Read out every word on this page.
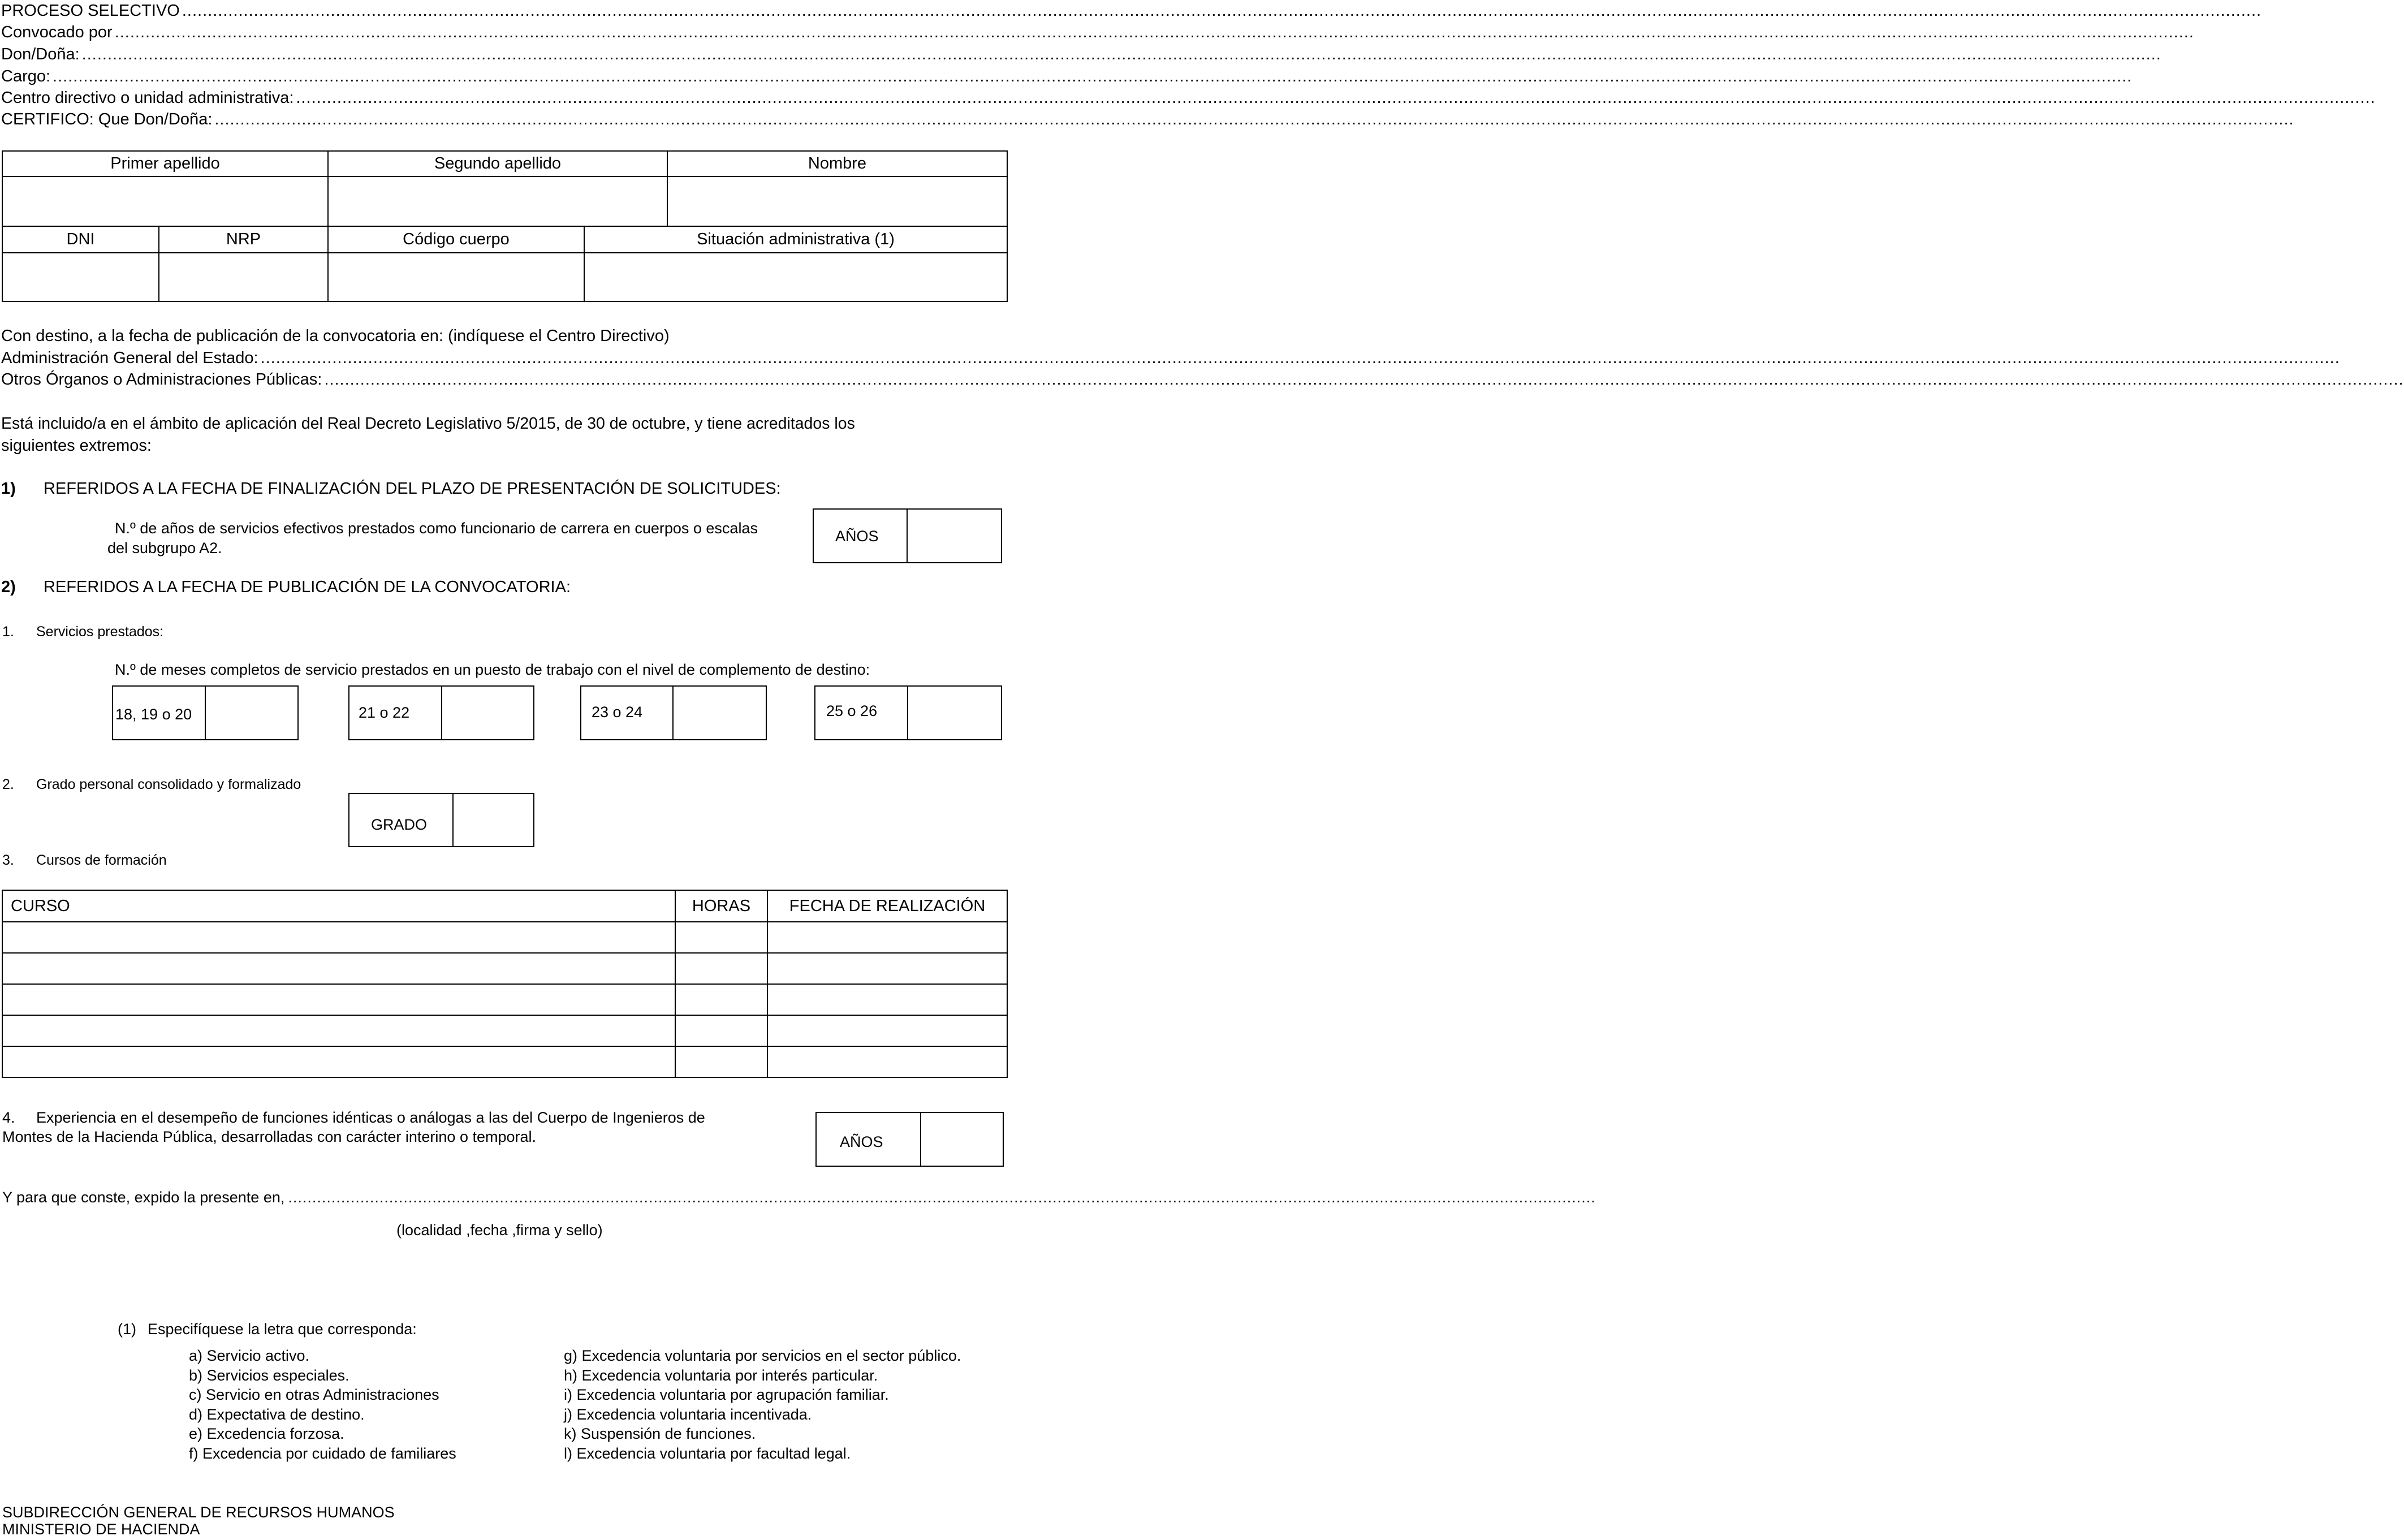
PROCESO SELECTIVO
.....
Convocado por
.....
Don/Doña:
.....
Cargo:
.....
Centro directivo o unidad administrativa:
.....
CERTIFICO: Que Don/Doña:
.....
Primer apellido	Segundo apellido	Nombre

DNI	NRP	Código cuerpo	Situación administrativa (1)

Con destino, a la fecha de publicación de la convocatoria en: (indíquese el Centro Directivo)
Administración General del Estado:
.....
Otros Órganos o Administraciones Públicas:
.....
Está incluido/a en el ámbito de aplicación del Real Decreto Legislativo 5/2015, de 30 de octubre, y tiene acreditados los
siguientes extremos:
1) REFERIDOS A LA FECHA DE FINALIZACIÓN DEL PLAZO DE PRESENTACIÓN DE SOLICITUDES:
N.º de años de servicios efectivos prestados como funcionario de carrera en cuerpos o escalas
del subgrupo A2.
AÑOS
2) REFERIDOS A LA FECHA DE PUBLICACIÓN DE LA CONVOCATORIA:
1. Servicios prestados:
N.º de meses completos de servicio prestados en un puesto de trabajo con el nivel de complemento de destino:
18, 19 o 20	21 o 22	23 o 24	25 o 26
2. Grado personal consolidado y formalizado
GRADO
3. Cursos de formación
CURSO	HORAS	FECHA DE REALIZACIÓN

4. Experiencia en el desempeño de funciones idénticas o análogas a las del Cuerpo de Ingenieros de
Montes de la Hacienda Pública, desarrolladas con carácter interino o temporal.	AÑOS
Y para que conste, expido la presente en, ................................................................................................................................................................................................................................................................................
(localidad ,fecha ,firma y sello)
(1) Especifíquese la letra que corresponda:
a) Servicio activo.
b) Servicios especiales.
c) Servicio en otras Administraciones
d) Expectativa de destino.
e) Excedencia forzosa.
f) Excedencia por cuidado de familiares
g) Excedencia voluntaria por servicios en el sector público.
h) Excedencia voluntaria por interés particular.
i) Excedencia voluntaria por agrupación familiar.
j) Excedencia voluntaria incentivada.
k) Suspensión de funciones.
l) Excedencia voluntaria por facultad legal.
SUBDIRECCIÓN GENERAL DE RECURSOS HUMANOS
MINISTERIO DE HACIENDA
